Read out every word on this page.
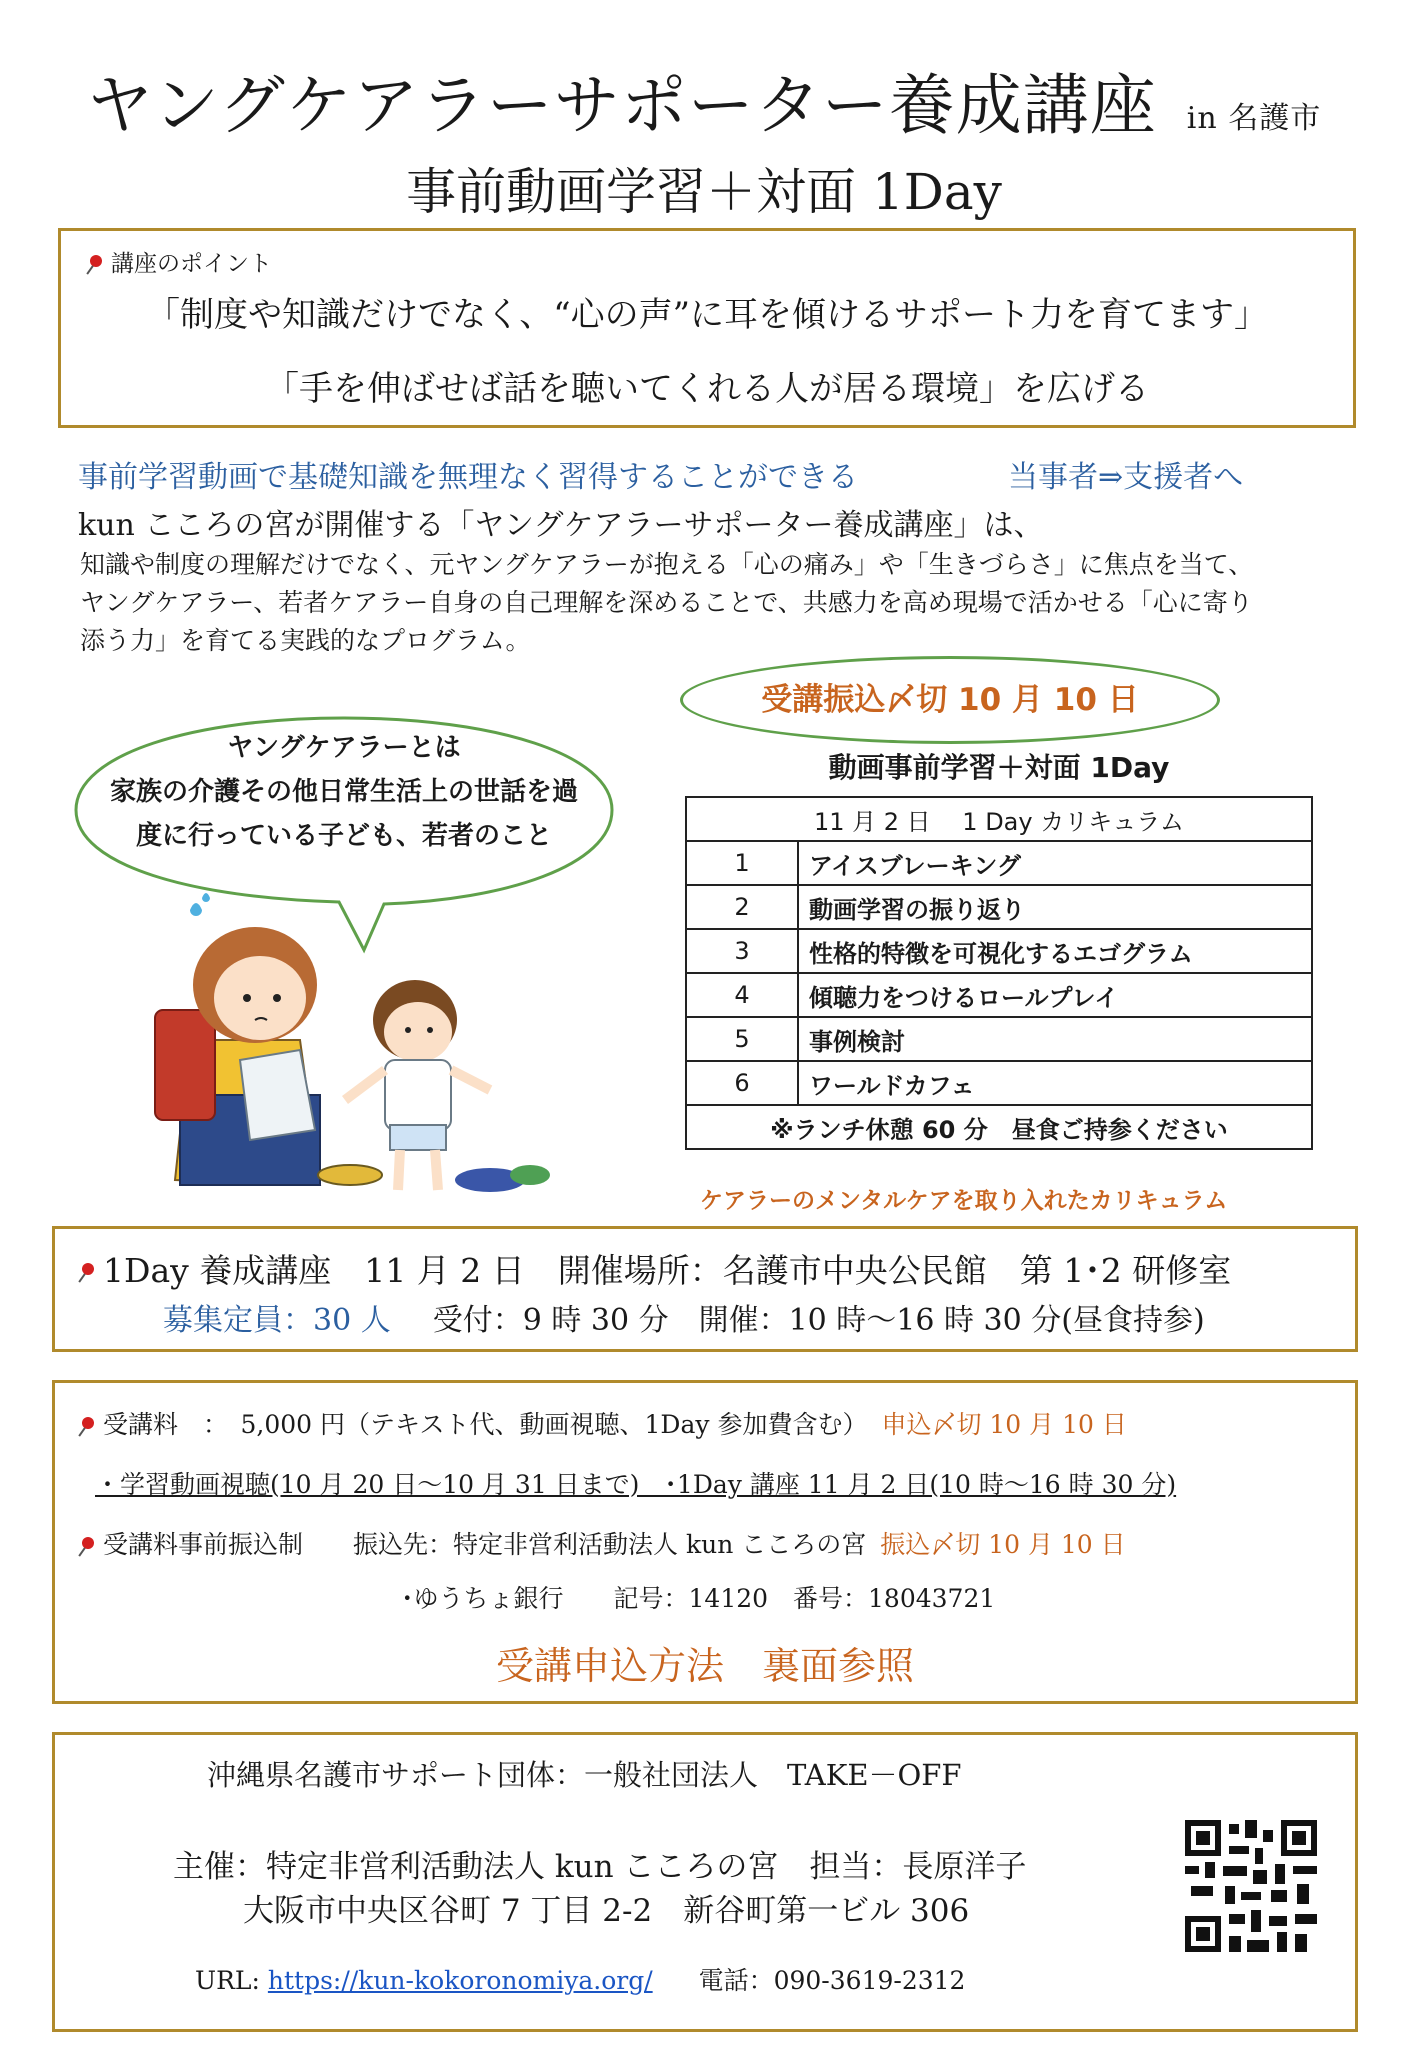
ヤングケアラーサポーター養成講座 in 名護市
事前動画学習＋対面 1Day
講座のポイント
「制度や知識だけでなく、“心の声”に耳を傾けるサポート力を育てます」
「手を伸ばせば話を聴いてくれる人が居る環境」を広げる
事前学習動画で基礎知識を無理なく習得することができる	当事者⇒支援者へ
kun こころの宮が開催する「ヤングケアラーサポーター養成講座」は、
知識や制度の理解だけでなく、元ヤングケアラーが抱える「心の痛み」や「生きづらさ」に焦点を当て、
ヤングケアラー、若者ケアラー自身の自己理解を深めることで、共感力を高め現場で活かせる「心に寄り
添う力」を育てる実践的なプログラム。
受講振込〆切 10 月 10 日
ヤングケアラーとは
家族の介護その他日常生活上の世話を過
度に行っている子ども、若者のこと
動画事前学習＋対面 1Day
11 月 2 日　 1 Day カリキュラム	
1	アイスブレーキング
2	動画学習の振り返り
3	性格的特徴を可視化するエゴグラム
4	傾聴力をつけるロールプレイ
5	事例検討
6	ワールドカフェ
※ランチ休憩 60 分　昼食ご持参ください	
ケアラーのメンタルケアを取り入れたカリキュラム
1Day 養成講座　11 月 2 日　開催場所：名護市中央公民館　第 1･2 研修室
募集定員：30 人 受付：9 時 30 分　開催：10 時～16 時 30 分(昼食持参)
受講料　：　5,000 円（テキスト代、動画視聴、1Day 参加費含む） 申込〆切 10 月 10 日
・学習動画視聴(10 月 20 日～10 月 31 日まで)　･1Day 講座 11 月 2 日(10 時～16 時 30 分)
受講料事前振込制　　振込先：特定非営利活動法人 kun こころの宮 振込〆切 10 月 10 日
･ゆうちょ銀行　　記号：14120　番号：18043721
受講申込方法　裏面参照
沖縄県名護市サポート団体：一般社団法人　TAKE－OFF
主催：特定非営利活動法人 kun こころの宮　担当：長原洋子
大阪市中央区谷町 7 丁目 2-2　新谷町第一ビル 306
URL: https://kun-kokoronomiya.org/ 電話：090-3619-2312
